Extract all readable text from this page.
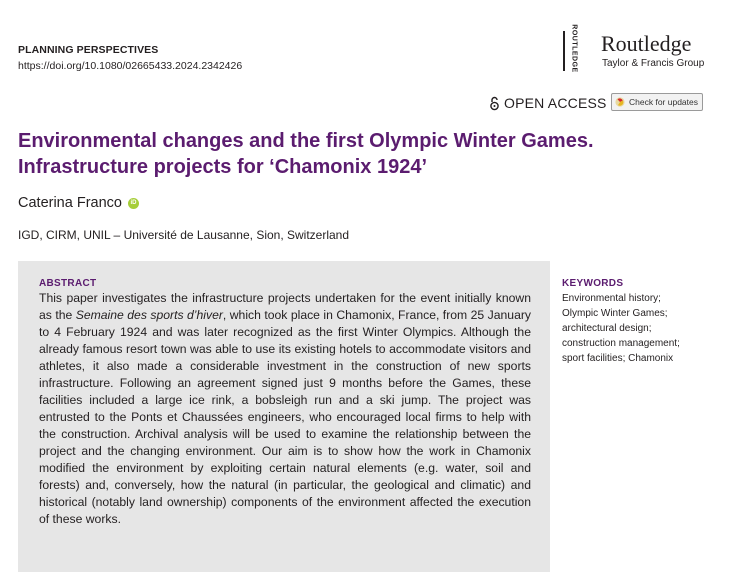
PLANNING PERSPECTIVES
https://doi.org/10.1080/02665433.2024.2342426	ROUTLEDGE Routledge
Taylor & Francis Group
OPEN ACCESS	Check for updates
Environmental changes and the first Olympic Winter Games. Infrastructure projects for ‘Chamonix 1924’
Caterina Franco	iD
IGD, CIRM, UNIL – Université de Lausanne, Sion, Switzerland
ABSTRACT

This paper investigates the infrastructure projects undertaken for the event initially known as the Semaine des sports d’hiver, which took place in Chamonix, France, from 25 January to 4 February 1924 and was later recognized as the first Winter Olympics. Although the already famous resort town was able to use its existing hotels to accommodate visitors and athletes, it also made a considerable investment in the construction of new sports infrastructure. Following an agreement signed just 9 months before the Games, these facilities included a large ice rink, a bobsleigh run and a ski jump. The project was entrusted to the Ponts et Chaussées engineers, who encouraged local firms to help with the construction. Archival analysis will be used to examine the relationship between the project and the changing environment. Our aim is to show how the work in Chamonix modified the environment by exploiting certain natural elements (e.g. water, soil and forests) and, conversely, how the natural (in particular, the geological and climatic) and historical (notably land ownership) components of the environment affected the execution of these works.

KEYWORDS

Environmental history;
Olympic Winter Games;
architectural design;
construction management;
sport facilities; Chamonix
